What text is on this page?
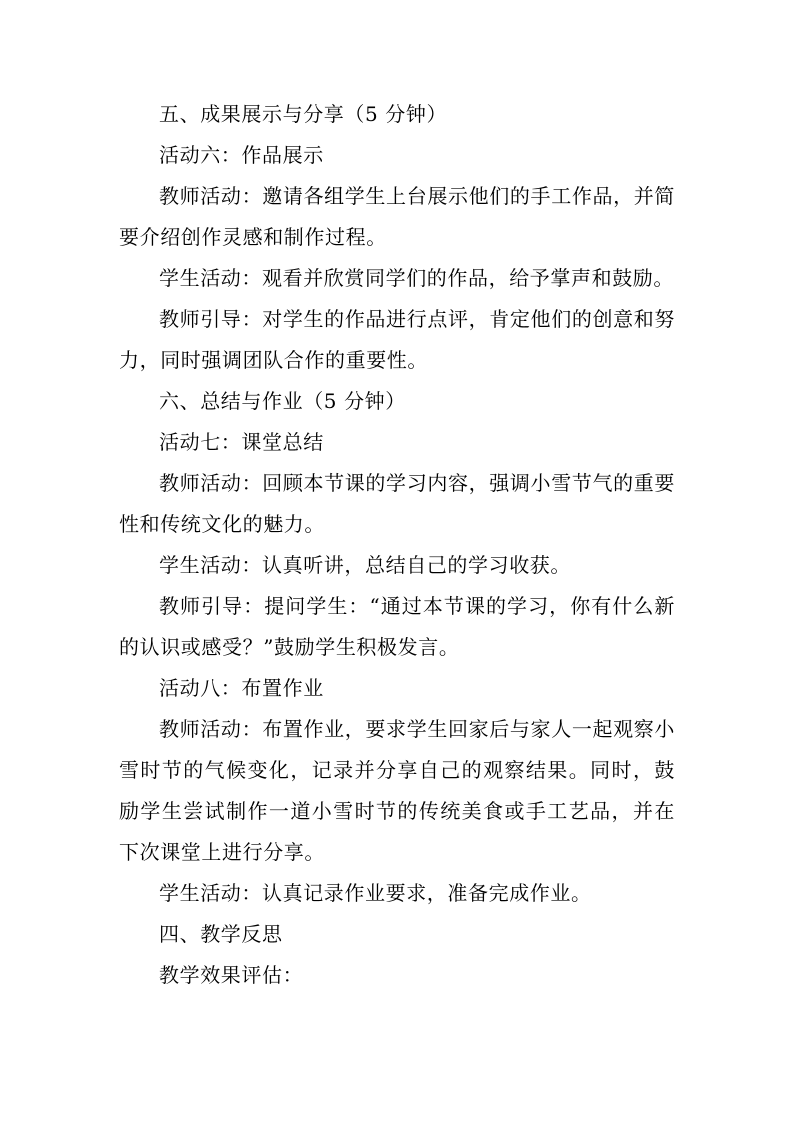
五、成果展示与分享（5 分钟）

活动六：作品展示

教师活动：邀请各组学生上台展示他们的手工作品，并简要介绍创作灵感和制作过程。

学生活动：观看并欣赏同学们的作品，给予掌声和鼓励。

教师引导：对学生的作品进行点评，肯定他们的创意和努力，同时强调团队合作的重要性。

六、总结与作业（5 分钟）

活动七：课堂总结

教师活动：回顾本节课的学习内容，强调小雪节气的重要性和传统文化的魅力。

学生活动：认真听讲，总结自己的学习收获。

教师引导：提问学生：“通过本节课的学习，你有什么新的认识或感受？”鼓励学生积极发言。

活动八：布置作业

教师活动：布置作业，要求学生回家后与家人一起观察小雪时节的气候变化，记录并分享自己的观察结果。同时，鼓励学生尝试制作一道小雪时节的传统美食或手工艺品，并在下次课堂上进行分享。

学生活动：认真记录作业要求，准备完成作业。

四、教学反思

教学效果评估：
